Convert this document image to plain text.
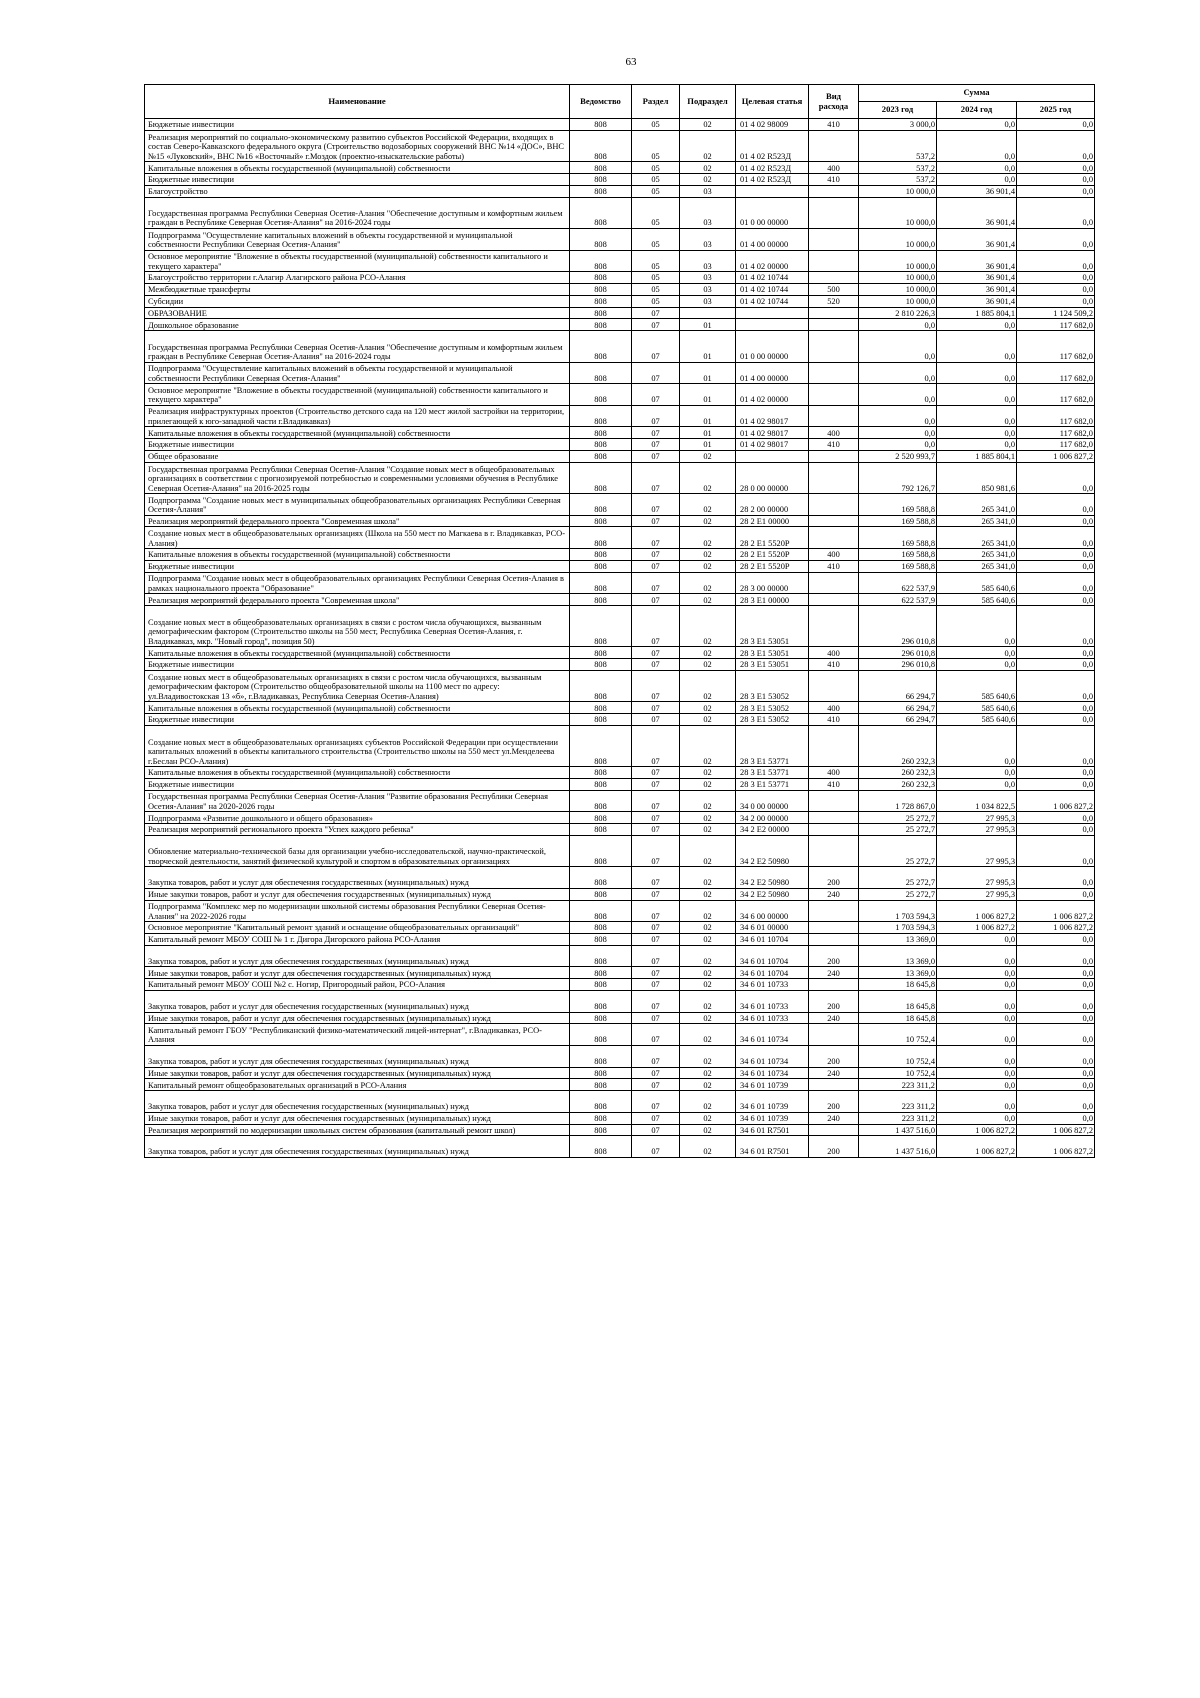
63
Наименование	Ведомство	Раздел	Подраздел	Целевая статья	Вид расхода	Сумма		
						2023 год	2024 год	2025 год
Бюджетные инвестиции	808	05	02	01 4 02 98009	410	3 000,0	0,0	0,0
Реализация мероприятий по социально-экономическому развитию субъектов Российской Федерации, входящих в состав Северо-Кавказского федерального округа (Строительство водозаборных сооружений ВНС №14 «ДОС», ВНС №15 «Луковский», ВНС №16 «Восточный» г.Моздок (проектно-изыскательские работы)	808	05	02	01 4 02 R523Д		537,2	0,0	0,0
Капитальные вложения в объекты государственной (муниципальной) собственности	808	05	02	01 4 02 R523Д	400	537,2	0,0	0,0
Бюджетные инвестиции	808	05	02	01 4 02 R523Д	410	537,2	0,0	0,0
Благоустройство	808	05	03			10 000,0	36 901,4	0,0
Государственная программа Республики Северная Осетия-Алания "Обеспечение доступным и комфортным жильем граждан в Республике Северная Осетия-Алания" на 2016-2024 годы	808	05	03	01 0 00 00000		10 000,0	36 901,4	0,0
Подпрограмма "Осуществление капитальных вложений в объекты государственной и муниципальной собственности Республики Северная Осетия-Алания"	808	05	03	01 4 00 00000		10 000,0	36 901,4	0,0
Основное мероприятие "Вложение в объекты государственной (муниципальной) собственности капитального и текущего характера"	808	05	03	01 4 02 00000		10 000,0	36 901,4	0,0
Благоустройство территории г.Алагир Алагирского района РСО-Алания	808	05	03	01 4 02 10744		10 000,0	36 901,4	0,0
Межбюджетные трансферты	808	05	03	01 4 02 10744	500	10 000,0	36 901,4	0,0
Субсидии	808	05	03	01 4 02 10744	520	10 000,0	36 901,4	0,0
ОБРАЗОВАНИЕ	808	07				2 810 226,3	1 885 804,1	1 124 509,2
Дошкольное образование	808	07	01			0,0	0,0	117 682,0
Государственная программа Республики Северная Осетия-Алания "Обеспечение доступным и комфортным жильем граждан в Республике Северная Осетия-Алания" на 2016-2024 годы	808	07	01	01 0 00 00000		0,0	0,0	117 682,0
Подпрограмма "Осуществление капитальных вложений в объекты государственной и муниципальной собственности Республики Северная Осетия-Алания"	808	07	01	01 4 00 00000		0,0	0,0	117 682,0
Основное мероприятие "Вложение в объекты государственной (муниципальной) собственности капитального и текущего характера"	808	07	01	01 4 02 00000		0,0	0,0	117 682,0
Реализация инфраструктурных проектов (Строительство детского сада на 120 мест жилой застройки на территории, прилегающей к юго-западной части г.Владикавказ)	808	07	01	01 4 02 98017		0,0	0,0	117 682,0
Капитальные вложения в объекты государственной (муниципальной) собственности	808	07	01	01 4 02 98017	400	0,0	0,0	117 682,0
Бюджетные инвестиции	808	07	01	01 4 02 98017	410	0,0	0,0	117 682,0
Общее образование	808	07	02			2 520 993,7	1 885 804,1	1 006 827,2
Государственная программа Республики Северная Осетия-Алания "Создание новых мест в общеобразовательных организациях в соответствии с прогнозируемой потребностью и современными условиями обучения в Республике Северная Осетия-Алания" на 2016-2025 годы	808	07	02	28 0 00 00000		792 126,7	850 981,6	0,0
Подпрограмма "Создание новых мест в муниципальных общеобразовательных организациях Республики Северная Осетия-Алания"	808	07	02	28 2 00 00000		169 588,8	265 341,0	0,0
Реализация мероприятий федерального проекта "Современная школа"	808	07	02	28 2 E1 00000		169 588,8	265 341,0	0,0
Создание новых мест в общеобразовательных организациях (Школа на 550 мест по Магкаева в г. Владикавказ, РСО-Алания)	808	07	02	28 2 E1 5520P		169 588,8	265 341,0	0,0
Капитальные вложения в объекты государственной (муниципальной) собственности	808	07	02	28 2 E1 5520P	400	169 588,8	265 341,0	0,0
Бюджетные инвестиции	808	07	02	28 2 E1 5520P	410	169 588,8	265 341,0	0,0
Подпрограмма "Создание новых мест в общеобразовательных организациях Республики Северная Осетия-Алания в рамках национального проекта "Образование"	808	07	02	28 3 00 00000		622 537,9	585 640,6	0,0
Реализация мероприятий федерального проекта "Современная школа"	808	07	02	28 3 E1 00000		622 537,9	585 640,6	0,0
Создание новых мест в общеобразовательных организациях в связи с ростом числа обучающихся, вызванным демографическим фактором (Строительство школы на 550 мест, Республика Северная Осетия-Алания, г. Владикавказ, мкр. "Новый город", позиция 50)	808	07	02	28 3 E1 53051		296 010,8	0,0	0,0
Капитальные вложения в объекты государственной (муниципальной) собственности	808	07	02	28 3 E1 53051	400	296 010,8	0,0	0,0
Бюджетные инвестиции	808	07	02	28 3 E1 53051	410	296 010,8	0,0	0,0
Создание новых мест в общеобразовательных организациях в связи с ростом числа обучающихся, вызванным демографическим фактором (Строительство общеобразовательной школы на 1100 мест по адресу: ул.Владивостокская 13 «б», г.Владикавказ, Республика Северная Осетия-Алания)	808	07	02	28 3 E1 53052		66 294,7	585 640,6	0,0
Капитальные вложения в объекты государственной (муниципальной) собственности	808	07	02	28 3 E1 53052	400	66 294,7	585 640,6	0,0
Бюджетные инвестиции	808	07	02	28 3 E1 53052	410	66 294,7	585 640,6	0,0
Создание новых мест в общеобразовательных организациях субъектов Российской Федерации при осуществлении капитальных вложений в объекты капитального строительства (Строительство школы на 550 мест ул.Менделеева г.Беслан РСО-Алания)	808	07	02	28 3 E1 53771		260 232,3	0,0	0,0
Капитальные вложения в объекты государственной (муниципальной) собственности	808	07	02	28 3 E1 53771	400	260 232,3	0,0	0,0
Бюджетные инвестиции	808	07	02	28 3 E1 53771	410	260 232,3	0,0	0,0
Государственная программа Республики Северная Осетия-Алания "Развитие образования Республики Северная Осетия-Алания" на 2020-2026 годы	808	07	02	34 0 00 00000		1 728 867,0	1 034 822,5	1 006 827,2
Подпрограмма «Развитие дошкольного и общего образования»	808	07	02	34 2 00 00000		25 272,7	27 995,3	0,0
Реализация мероприятий регионального проекта "Успех каждого ребенка"	808	07	02	34 2 E2 00000		25 272,7	27 995,3	0,0
Обновление материально-технической базы для организации учебно-исследовательской, научно-практической, творческой деятельности, занятий физической культурой и спортом в образовательных организациях	808	07	02	34 2 E2 50980		25 272,7	27 995,3	0,0
Закупка товаров, работ и услуг для обеспечения государственных (муниципальных) нужд	808	07	02	34 2 E2 50980	200	25 272,7	27 995,3	0,0
Иные закупки товаров, работ и услуг для обеспечения государственных (муниципальных) нужд	808	07	02	34 2 E2 50980	240	25 272,7	27 995,3	0,0
Подпрограмма "Комплекс мер по модернизации школьной системы образования Республики Северная Осетия-Алания" на 2022-2026 годы	808	07	02	34 6 00 00000		1 703 594,3	1 006 827,2	1 006 827,2
Основное мероприятие "Капитальный ремонт зданий и оснащение общеобразовательных организаций"	808	07	02	34 6 01 00000		1 703 594,3	1 006 827,2	1 006 827,2
Капитальный ремонт МБОУ СОШ № 1 г. Дигора Дигорского района РСО-Алания	808	07	02	34 6 01 10704		13 369,0	0,0	0,0
Закупка товаров, работ и услуг для обеспечения государственных (муниципальных) нужд	808	07	02	34 6 01 10704	200	13 369,0	0,0	0,0
Иные закупки товаров, работ и услуг для обеспечения государственных (муниципальных) нужд	808	07	02	34 6 01 10704	240	13 369,0	0,0	0,0
Капитальный ремонт МБОУ СОШ №2 с. Ногир, Пригородный район, РСО-Алания	808	07	02	34 6 01 10733		18 645,8	0,0	0,0
Закупка товаров, работ и услуг для обеспечения государственных (муниципальных) нужд	808	07	02	34 6 01 10733	200	18 645,8	0,0	0,0
Иные закупки товаров, работ и услуг для обеспечения государственных (муниципальных) нужд	808	07	02	34 6 01 10733	240	18 645,8	0,0	0,0
Капитальный ремонт ГБОУ "Республиканский физико-математический лицей-интернат", г.Владикавказ, РСО-Алания	808	07	02	34 6 01 10734		10 752,4	0,0	0,0
Закупка товаров, работ и услуг для обеспечения государственных (муниципальных) нужд	808	07	02	34 6 01 10734	200	10 752,4	0,0	0,0
Иные закупки товаров, работ и услуг для обеспечения государственных (муниципальных) нужд	808	07	02	34 6 01 10734	240	10 752,4	0,0	0,0
Капитальный ремонт общеобразовательных организаций в РСО-Алания	808	07	02	34 6 01 10739		223 311,2	0,0	0,0
Закупка товаров, работ и услуг для обеспечения государственных (муниципальных) нужд	808	07	02	34 6 01 10739	200	223 311,2	0,0	0,0
Иные закупки товаров, работ и услуг для обеспечения государственных (муниципальных) нужд	808	07	02	34 6 01 10739	240	223 311,2	0,0	0,0
Реализация мероприятий по модернизации школьных систем образования (капитальный ремонт школ)	808	07	02	34 6 01 R7501		1 437 516,0	1 006 827,2	1 006 827,2
Закупка товаров, работ и услуг для обеспечения государственных (муниципальных) нужд	808	07	02	34 6 01 R7501	200	1 437 516,0	1 006 827,2	1 006 827,2
